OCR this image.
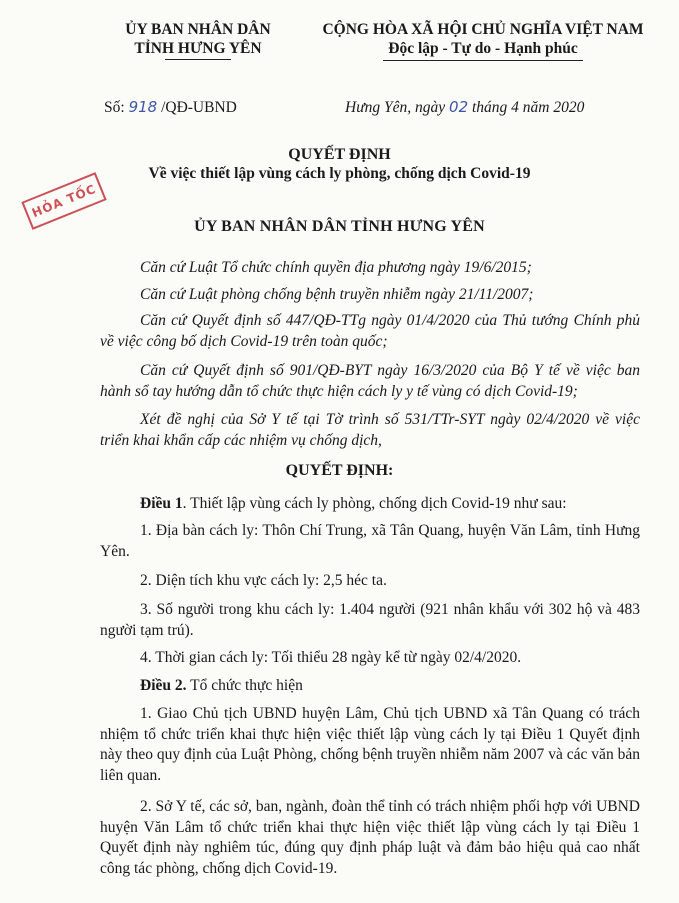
ỦY BAN NHÂN DÂN
TỈNH HƯNG YÊN
CỘNG HÒA XÃ HỘI CHỦ NGHĨA VIỆT NAM
Độc lập - Tự do - Hạnh phúc
Số: 918 /QĐ-UBND	Hưng Yên, ngày 02 tháng 4 năm 2020
QUYẾT ĐỊNH
Về việc thiết lập vùng cách ly phòng, chống dịch Covid-19
HỎA TỐC
ỦY BAN NHÂN DÂN TỈNH HƯNG YÊN
Căn cứ Luật Tổ chức chính quyền địa phương ngày 19/6/2015;
Căn cứ Luật phòng chống bệnh truyền nhiễm ngày 21/11/2007;
Căn cứ Quyết định số 447/QĐ-TTg ngày 01/4/2020 của Thủ tướng Chính phủ về việc công bố dịch Covid-19 trên toàn quốc;
Căn cứ Quyết định số 901/QĐ-BYT ngày 16/3/2020 của Bộ Y tế về việc ban hành sổ tay hướng dẫn tổ chức thực hiện cách ly y tế vùng có dịch Covid-19;
Xét đề nghị của Sở Y tế tại Tờ trình số 531/TTr-SYT ngày 02/4/2020 về việc triển khai khẩn cấp các nhiệm vụ chống dịch,
QUYẾT ĐỊNH:
Điều 1. Thiết lập vùng cách ly phòng, chống dịch Covid-19 như sau:
1. Địa bàn cách ly: Thôn Chí Trung, xã Tân Quang, huyện Văn Lâm, tỉnh Hưng Yên.
2. Diện tích khu vực cách ly: 2,5 héc ta.
3. Số người trong khu cách ly: 1.404 người (921 nhân khẩu với 302 hộ và 483 người tạm trú).
4. Thời gian cách ly: Tối thiểu 28 ngày kể từ ngày 02/4/2020.
Điều 2. Tổ chức thực hiện
1. Giao Chủ tịch UBND huyện Lâm, Chủ tịch UBND xã Tân Quang có trách nhiệm tổ chức triển khai thực hiện việc thiết lập vùng cách ly tại Điều 1 Quyết định này theo quy định của Luật Phòng, chống bệnh truyền nhiễm năm 2007 và các văn bản liên quan.
2. Sở Y tế, các sở, ban, ngành, đoàn thể tỉnh có trách nhiệm phối hợp với UBND huyện Văn Lâm tổ chức triển khai thực hiện việc thiết lập vùng cách ly tại Điều 1 Quyết định này nghiêm túc, đúng quy định pháp luật và đảm bảo hiệu quả cao nhất công tác phòng, chống dịch Covid-19.
